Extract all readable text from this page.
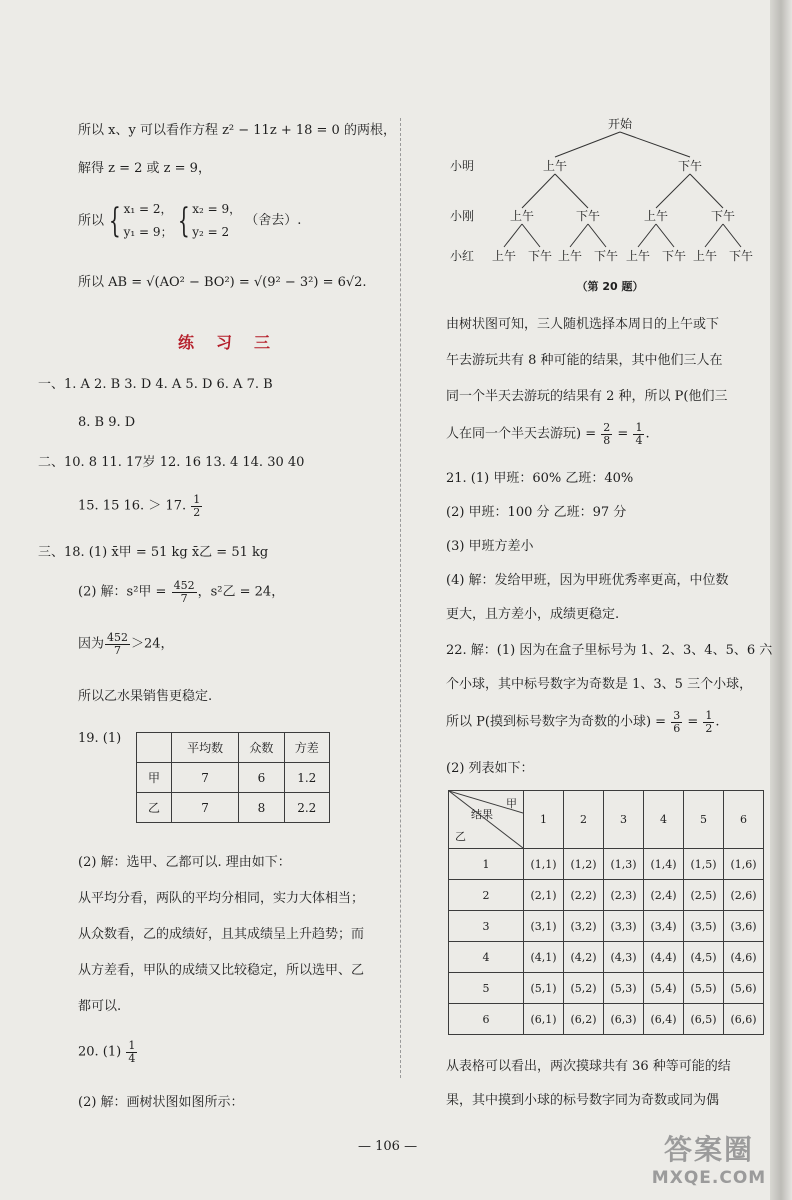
所以 x、y 可以看作方程 z² − 11z + 18 = 0 的两根，
解得 z = 2 或 z = 9，
所以 { x₁ = 2，
y₁ = 9； { x₂ = 9，
y₂ = 2 （舍去）.
所以 AB = √(AO² − BO²) = √(9² − 3²) = 6√2.
练习三
一、1. A 2. B 3. D 4. A 5. D 6. A 7. B
8. B 9. D
二、10. 8 11. 17岁 12. 16 13. 4 14. 30 40
15. 15 16. ＞ 17. $\frac{1}{2}$
三、18. (1) x̄甲 = 51 kg x̄乙 = 51 kg
(2) 解：s²甲 = $\frac{452}{7}$ ，s²乙 = 24，
因为 $\frac{452}{7} >24$，
所以乙水果销售更稳定.
19. (1)
	平均数	众数	方差
甲	7	6	1.2
乙	7	8	2.2
(2) 解：选甲、乙都可以. 理由如下：
从平均分看，两队的平均分相同，实力大体相当；
从众数看，乙的成绩好，且其成绩呈上升趋势；而
从方差看，甲队的成绩又比较稳定，所以选甲、乙
都可以.
20. $(1) \frac{1}{4}$
(2) 解：画树状图如图所示：
开始
小明
小刚
小红
上午	下午
上午	下午	上午	下午
上午 下午 上午 下午 上午 下午 上午 下午
（第 20 题）
由树状图可知，三人随机选择本周日的上午或下
午去游玩共有 8 种可能的结果，其中他们三人在
同一个半天去游玩的结果有 2 种，所以 P(他们三
人在同一个半天去游玩) = $\frac{2}{8} = \frac{1}{4}$ .
21. (1) 甲班：60% 乙班：40%
(2) 甲班：100 分 乙班：97 分
(3) 甲班方差小
(4) 解：发给甲班，因为甲班优秀率更高，中位数
更大，且方差小，成绩更稳定.
22. 解：(1) 因为在盒子里标号为 1、2、3、4、5、6 六
个小球，其中标号数字为奇数是 1、3、5 三个小球，
所以 P(摸到标号数字为奇数的小球) = $\frac{3}{6} = \frac{1}{2}$ .
(2) 列表如下：
甲
结果
乙	1	2	3	4	5	6
1	(1,1)	(1,2)	(1,3)	(1,4)	(1,5)	(1,6)
2	(2,1)	(2,2)	(2,3)	(2,4)	(2,5)	(2,6)
3	(3,1)	(3,2)	(3,3)	(3,4)	(3,5)	(3,6)
4	(4,1)	(4,2)	(4,3)	(4,4)	(4,5)	(4,6)
5	(5,1)	(5,2)	(5,3)	(5,4)	(5,5)	(5,6)
6	(6,1)	(6,2)	(6,3)	(6,4)	(6,5)	(6,6)
从表格可以看出，两次摸球共有 36 种等可能的结
果，其中摸到小球的标号数字同为奇数或同为偶
— 106 —	答案圈
MXQE.COM
